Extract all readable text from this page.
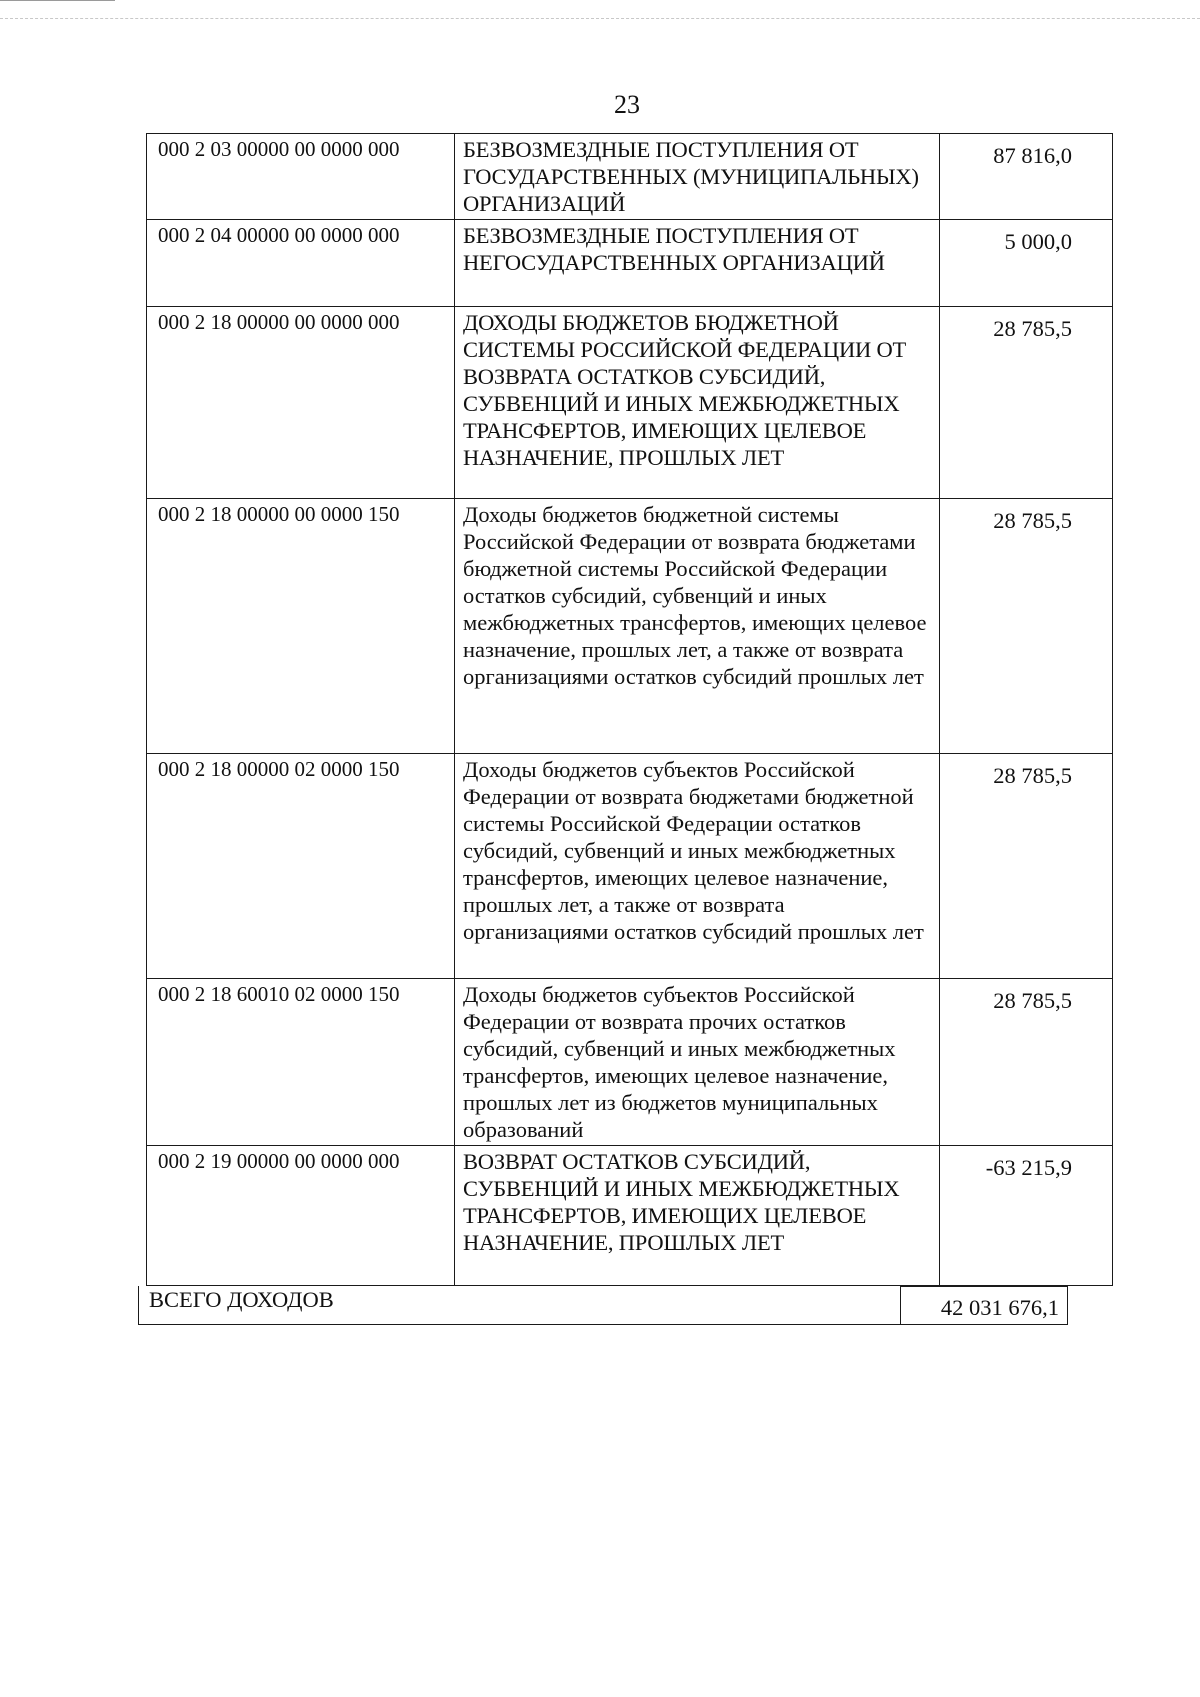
23
000 2 03 00000 00 0000 000	БЕЗВОЗМЕЗДНЫЕ ПОСТУПЛЕНИЯ ОТ ГОСУДАРСТВЕННЫХ (МУНИЦИПАЛЬНЫХ) ОРГАНИЗАЦИЙ	87 816,0
000 2 04 00000 00 0000 000	БЕЗВОЗМЕЗДНЫЕ ПОСТУПЛЕНИЯ ОТ НЕГОСУДАРСТВЕННЫХ ОРГАНИЗАЦИЙ	5 000,0
000 2 18 00000 00 0000 000	ДОХОДЫ БЮДЖЕТОВ БЮДЖЕТНОЙ СИСТЕМЫ РОССИЙСКОЙ ФЕДЕРАЦИИ ОТ ВОЗВРАТА ОСТАТКОВ СУБСИДИЙ, СУБВЕНЦИЙ И ИНЫХ МЕЖБЮДЖЕТНЫХ ТРАНСФЕРТОВ, ИМЕЮЩИХ ЦЕЛЕВОЕ НАЗНАЧЕНИЕ, ПРОШЛЫХ ЛЕТ	28 785,5
000 2 18 00000 00 0000 150	Доходы бюджетов бюджетной системы Российской Федерации от возврата бюджетами бюджетной системы Российской Федерации остатков субсидий, субвенций и иных межбюджетных трансфертов, имеющих целевое назначение, прошлых лет, а также от возврата организациями остатков субсидий прошлых лет	28 785,5
000 2 18 00000 02 0000 150	Доходы бюджетов субъектов Российской Федерации от возврата бюджетами бюджетной системы Российской Федерации остатков субсидий, субвенций и иных межбюджетных трансфертов, имеющих целевое назначение, прошлых лет, а также от возврата организациями остатков субсидий прошлых лет	28 785,5
000 2 18 60010 02 0000 150	Доходы бюджетов субъектов Российской Федерации от возврата прочих остатков субсидий, субвенций и иных межбюджетных трансфертов, имеющих целевое назначение, прошлых лет из бюджетов муниципальных образований	28 785,5
000 2 19 00000 00 0000 000	ВОЗВРАТ ОСТАТКОВ СУБСИДИЙ, СУБВЕНЦИЙ И ИНЫХ МЕЖБЮДЖЕТНЫХ ТРАНСФЕРТОВ, ИМЕЮЩИХ ЦЕЛЕВОЕ НАЗНАЧЕНИЕ, ПРОШЛЫХ ЛЕТ	-63 215,9
ВСЕГО ДОХОДОВ	42 031 676,1
